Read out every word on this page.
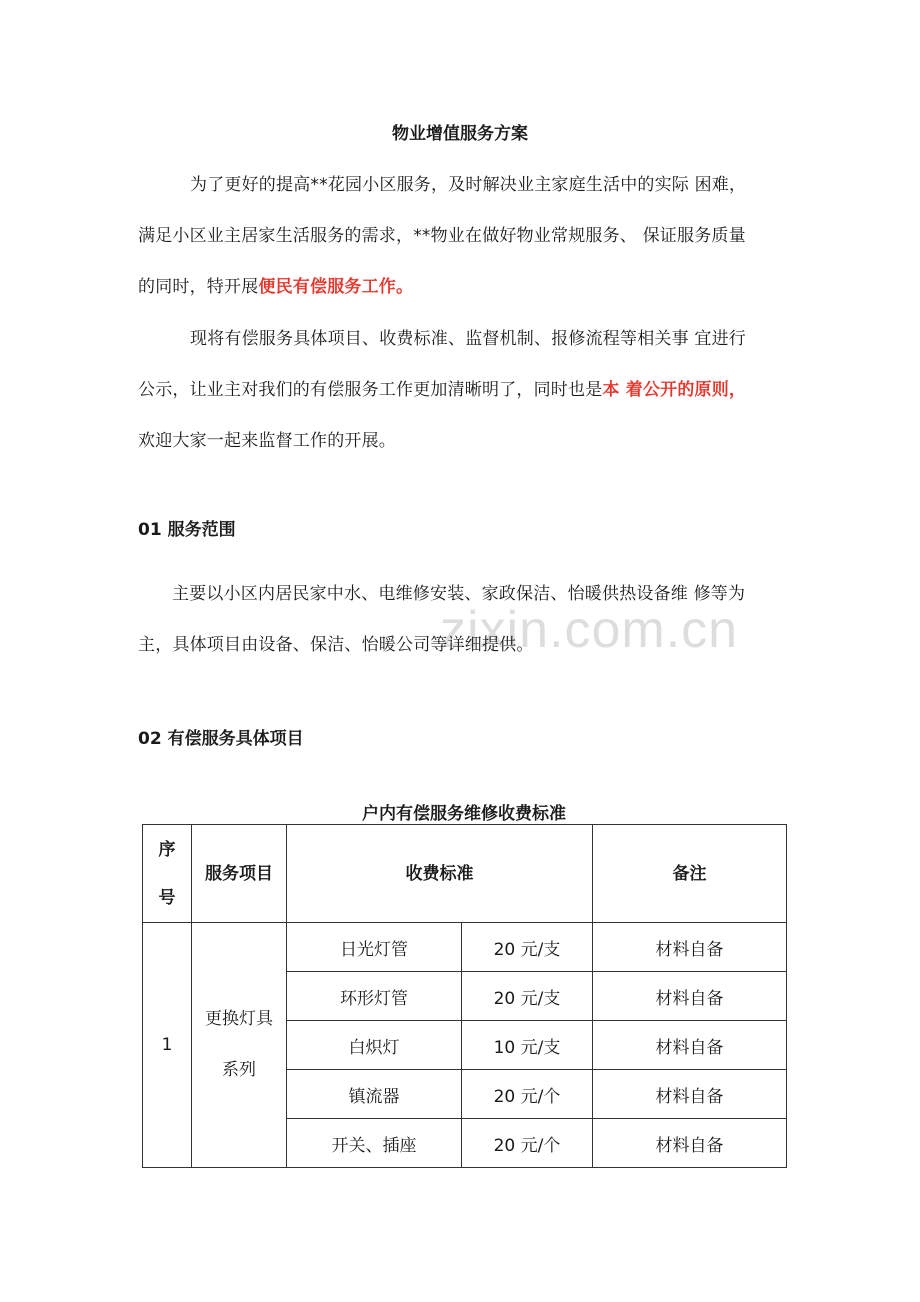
物业增值服务方案
为了更好的提高**花园小区服务，及时解决业主家庭生活中的实际 困难，
满足小区业主居家生活服务的需求，**物业在做好物业常规服务、 保证服务质量
的同时，特开展便民有偿服务工作。
现将有偿服务具体项目、收费标准、监督机制、报修流程等相关事 宜进行
公示，让业主对我们的有偿服务工作更加清晰明了，同时也是本 着公开的原则，
欢迎大家一起来监督工作的开展。
01 服务范围
主要以小区内居民家中水、电维修安装、家政保洁、怡暖供热设备维 修等为
主，具体项目由设备、保洁、怡暖公司等详细提供。
zixin.com.cn
02 有偿服务具体项目
户内有偿服务维修收费标准
序
号	服务项目	收费标准		备注
1	更换灯具
系列	日光灯管	20 元/支	材料自备
		环形灯管	20 元/支	材料自备
		白炽灯	10 元/支	材料自备
		镇流器	20 元/个	材料自备
		开关、插座	20 元/个	材料自备
